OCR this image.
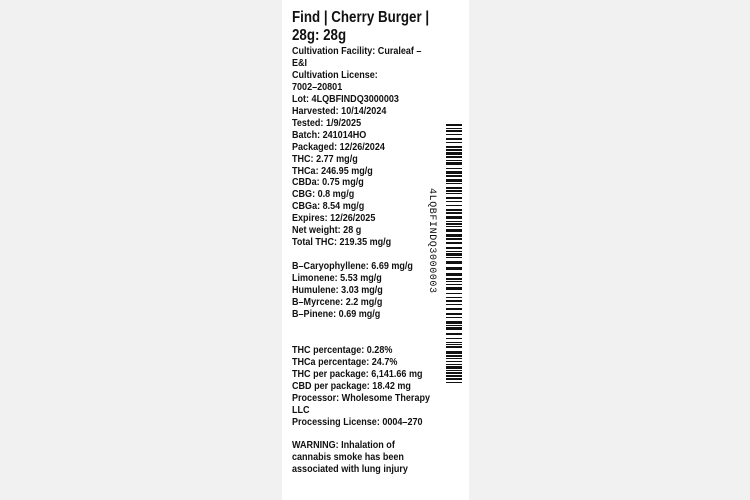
Find | Cherry Burger |
28g: 28g
Cultivation Facility: Curaleaf –
E&I
Cultivation License:
7002–20801
Lot: 4LQBFINDQ3000003
Harvested: 10/14/2024
Tested: 1/9/2025
Batch: 241014HO
Packaged: 12/26/2024
THC: 2.77 mg/g
THCa: 246.95 mg/g
CBDa: 0.75 mg/g
CBG: 0.8 mg/g
CBGa: 8.54 mg/g
Expires: 12/26/2025
Net weight: 28 g
Total THC: 219.35 mg/g
B–Caryophyllene: 6.69 mg/g
Limonene: 5.53 mg/g
Humulene: 3.03 mg/g
B–Myrcene: 2.2 mg/g
B–Pinene: 0.69 mg/g
THC percentage: 0.28%
THCa percentage: 24.7%
THC per package: 6,141.66 mg
CBD per package: 18.42 mg
Processor: Wholesome Therapy
LLC
Processing License: 0004–270
WARNING: Inhalation of
cannabis smoke has been
associated with lung injury
4LQBFINDQ3000003
